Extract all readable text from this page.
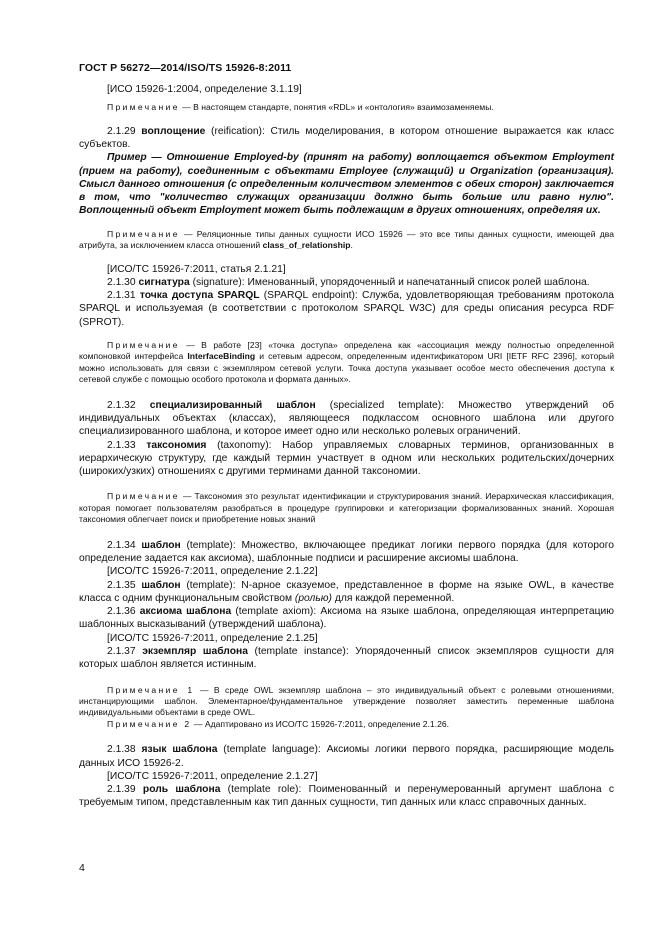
ГОСТ Р 56272—2014/ISO/TS 15926-8:2011

[ИСО 15926-1:2004, определение 3.1.19]

Примечание — В настоящем стандарте, понятия «RDL» и «онтология» взаимозаменяемы.

2.1.29 воплощение (reification): Стиль моделирования, в котором отношение выражается как класс субъектов.

Пример — Отношение Employed-by (принят на работу) воплощается объектом Employment (прием на работу), соединенным с объектами Employee (служащий) и Organization (организация). Смысл данного отношения (с определенным количеством элементов с обеих сторон) заключается в том, что "количество служащих организации должно быть больше или равно нулю". Воплощенный объект Employment может быть подлежащим в других отношениях, определяя их.

Примечание — Реляционные типы данных сущности ИСО 15926 — это все типы данных сущности, имеющей два атрибута, за исключением класса отношений class_of_relationship.

[ИСО/ТС 15926-7:2011, статья 2.1.21]

2.1.30 сигнатура (signature): Именованный, упорядоченный и напечатанный список ролей шаблона.

2.1.31 точка доступа SPARQL (SPARQL endpoint): Служба, удовлетворяющая требованиям протокола SPARQL и используемая (в соответствии с протоколом SPARQL W3C) для среды описания ресурса RDF (SPROT).

Примечание — В работе [23] «точка доступа» определена как «ассоциация между полностью определенной компоновкой интерфейса InterfaceBinding и сетевым адресом, определенным идентификатором URI [IETF RFC 2396], который можно использовать для связи с экземпляром сетевой услуги. Точка доступа указывает особое место обеспечения доступа к сетевой службе с помощью особого протокола и формата данных».

2.1.32 специализированный шаблон (specialized template): Множество утверждений об индивидуальных объектах (классах), являющееся подклассом основного шаблона или другого специализированного шаблона, и которое имеет одно или несколько ролевых ограничений.

2.1.33 таксономия (taxonomy): Набор управляемых словарных терминов, организованных в иерархическую структуру, где каждый термин участвует в одном или нескольких родительских/дочерних (широких/узких) отношениях с другими терминами данной таксономии.

Примечание — Таксономия это результат идентификации и структурирования знаний. Иерархическая классификация, которая помогает пользователям разобраться в процедуре группировки и категоризации формализованных знаний. Хорошая таксономия облегчает поиск и приобретение новых знаний

2.1.34 шаблон (template): Множество, включающее предикат логики первого порядка (для которого определение задается как аксиома), шаблонные подписи и расширение аксиомы шаблона.

[ИСО/ТС 15926-7:2011, определение 2.1.22]

2.1.35 шаблон (template): N-арное сказуемое, представленное в форме на языке OWL, в качестве класса с одним функциональным свойством (ролью) для каждой переменной.

2.1.36 аксиома шаблона (template axiom): Аксиома на языке шаблона, определяющая интерпретацию шаблонных высказываний (утверждений шаблона).

[ИСО/ТС 15926-7:2011, определение 2.1.25]

2.1.37 экземпляр шаблона (template instance): Упорядоченный список экземпляров сущности для которых шаблон является истинным.

Примечание 1 — В среде OWL экземпляр шаблона – это индивидуальный объект с ролевыми отношениями, инстанцирующими шаблон. Элементарное/фундаментальное утверждение позволяет заместить переменные шаблона индивидуальными объектами в среде OWL.

Примечание 2 — Адаптировано из ИСО/ТС 15926-7:2011, определение 2.1.26.

2.1.38 язык шаблона (template language): Аксиомы логики первого порядка, расширяющие модель данных ИСО 15926-2.

[ИСО/ТС 15926-7:2011, определение 2.1.27]

2.1.39 роль шаблона (template role): Поименованный и перенумерованный аргумент шаблона с требуемым типом, представленным как тип данных сущности, тип данных или класс справочных данных.

4
